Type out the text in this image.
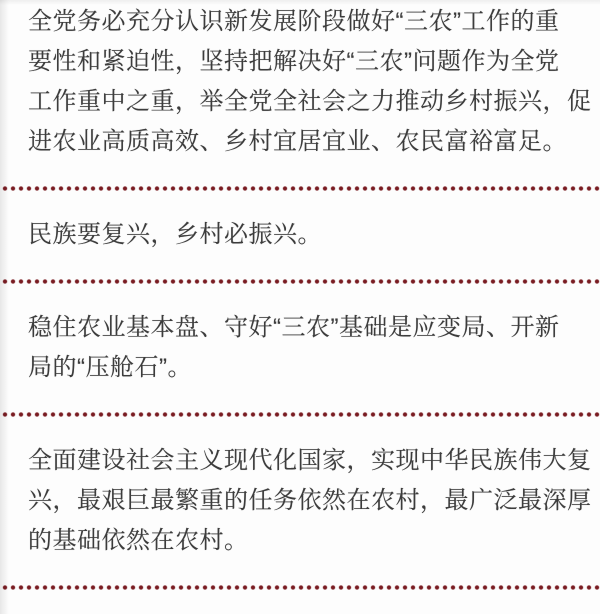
全党务必充分认识新发展阶段做好“三农”工作的重
要性和紧迫性，坚持把解决好“三农”问题作为全党
工作重中之重，举全党全社会之力推动乡村振兴，促
进农业高质高效、乡村宜居宜业、农民富裕富足。
民族要复兴，乡村必振兴。
稳住农业基本盘、守好“三农”基础是应变局、开新
局的“压舱石”。
全面建设社会主义现代化国家，实现中华民族伟大复
兴，最艰巨最繁重的任务依然在农村，最广泛最深厚
的基础依然在农村。
